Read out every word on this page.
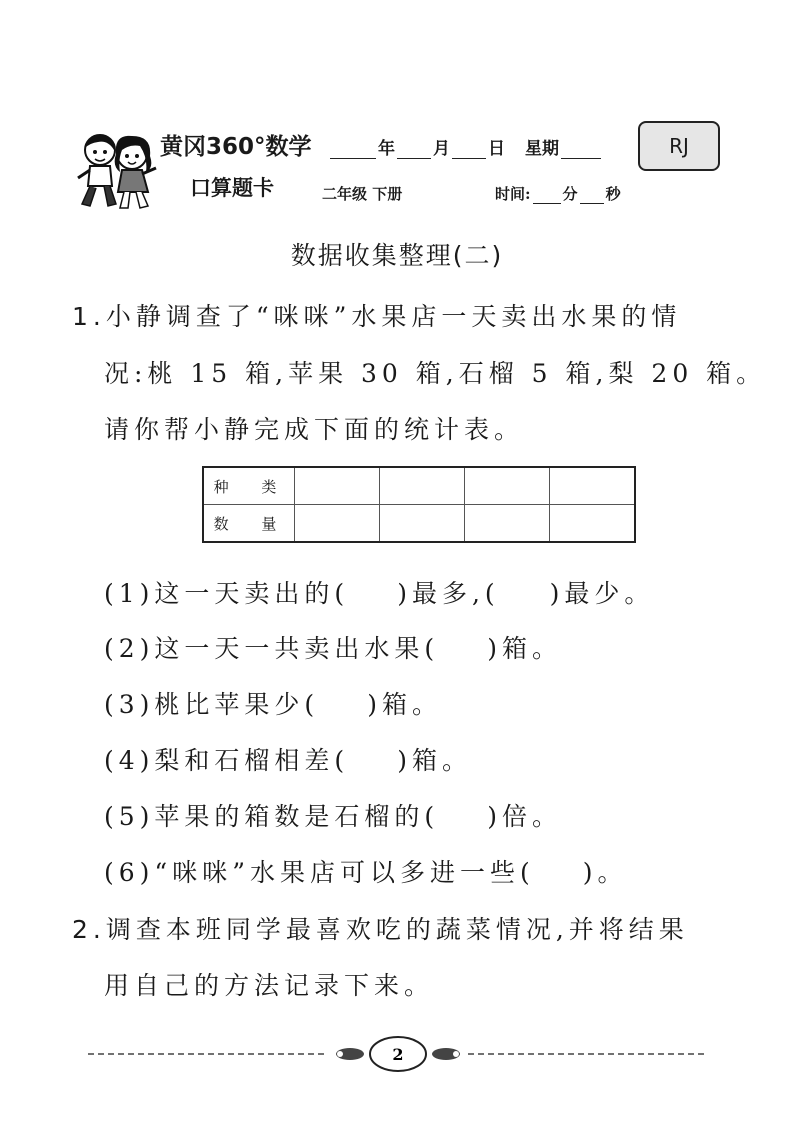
黄冈360°数学
口算题卡
年 月 日 星期	RJ
二年级 下册	时间: 分 秒
数据收集整理(二)
1.小静调查了“咪咪”水果店一天卖出水果的情
况:桃 15 箱,苹果 30 箱,石榴 5 箱,梨 20 箱。
请你帮小静完成下面的统计表。
种 类				
数 量				
(1)这一天卖出的( )最多,( )最少。
(2)这一天一共卖出水果( )箱。
(3)桃比苹果少( )箱。
(4)梨和石榴相差( )箱。
(5)苹果的箱数是石榴的( )倍。
(6)“咪咪”水果店可以多进一些( )。
2.调查本班同学最喜欢吃的蔬菜情况,并将结果
用自己的方法记录下来。
2
